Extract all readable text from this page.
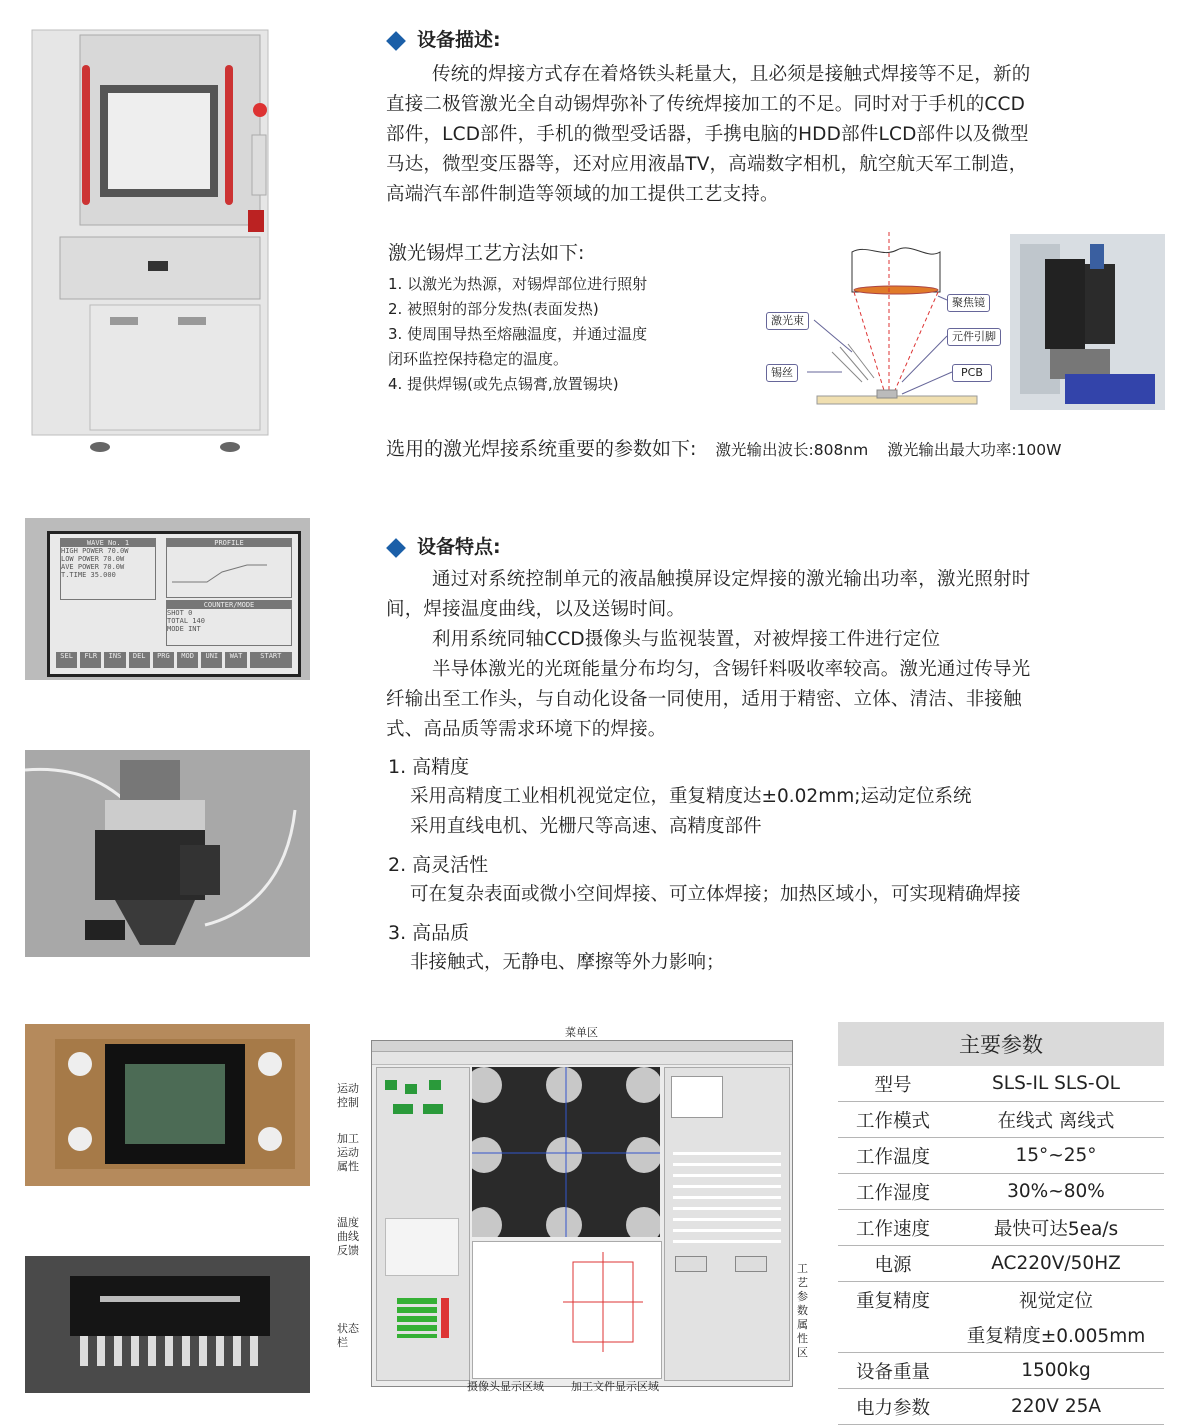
WAVE No. 1
HIGH POWER 70.0W
LOW POWER 70.0W
AVE POWER 70.0W
T.TIME 35.000
PROFILE
COUNTER/MODE
SHOT 0
TOTAL 140
MODE INT
SEL	FLR	INS	DEL	PRG	MOD	UNI	WAT	START
设备描述:
传统的焊接方式存在着烙铁头耗量大，且必须是接触式焊接等不足，新的
直接二极管激光全自动锡焊弥补了传统焊接加工的不足。同时对于手机的CCD
部件，LCD部件，手机的微型受话器，手携电脑的HDD部件LCD部件以及微型
马达，微型变压器等，还对应用液晶TV，高端数字相机，航空航天军工制造，
高端汽车部件制造等领域的加工提供工艺支持。
激光锡焊工艺方法如下:
1. 以激光为热源，对锡焊部位进行照射
2. 被照射的部分发热(表面发热)
3. 使周围导热至熔融温度，并通过温度
闭环监控保持稳定的温度。
4. 提供焊锡(或先点锡膏,放置锡块)
聚焦镜
激光束
元件引脚
锡丝	PCB
选用的激光焊接系统重要的参数如下: 激光输出波长:808nm 激光输出最大功率:100W
设备特点:
通过对系统控制单元的液晶触摸屏设定焊接的激光输出功率，激光照射时
间，焊接温度曲线，以及送锡时间。
利用系统同轴CCD摄像头与监视装置，对被焊接工件进行定位
半导体激光的光斑能量分布均匀，含锡钎料吸收率较高。激光通过传导光
纤输出至工作头，与自动化设备一同使用，适用于精密、立体、清洁、非接触
式、高品质等需求环境下的焊接。
1. 高精度
采用高精度工业相机视觉定位，重复精度达±0.02mm;运动定位系统
采用直线电机、光栅尺等高速、高精度部件
2. 高灵活性
可在复杂表面或微小空间焊接、可立体焊接；加热区域小，可实现精确焊接
3. 高品质
非接触式，无静电、摩擦等外力影响；
菜单区
运动控制
加工运动属性
温度曲线反馈
状态栏
摄像头显示区域 加工文件显示区域
工艺参数属性区
主要参数	
型号	SLS-IL SLS-OL
工作模式	在线式 离线式
工作温度	15°~25°
工作湿度	30%~80%
工作速度	最快可达5ea/s
电源	AC220V/50HZ
重复精度	视觉定位
	重复精度±0.005mm
设备重量	1500kg
电力参数	220V 25A
